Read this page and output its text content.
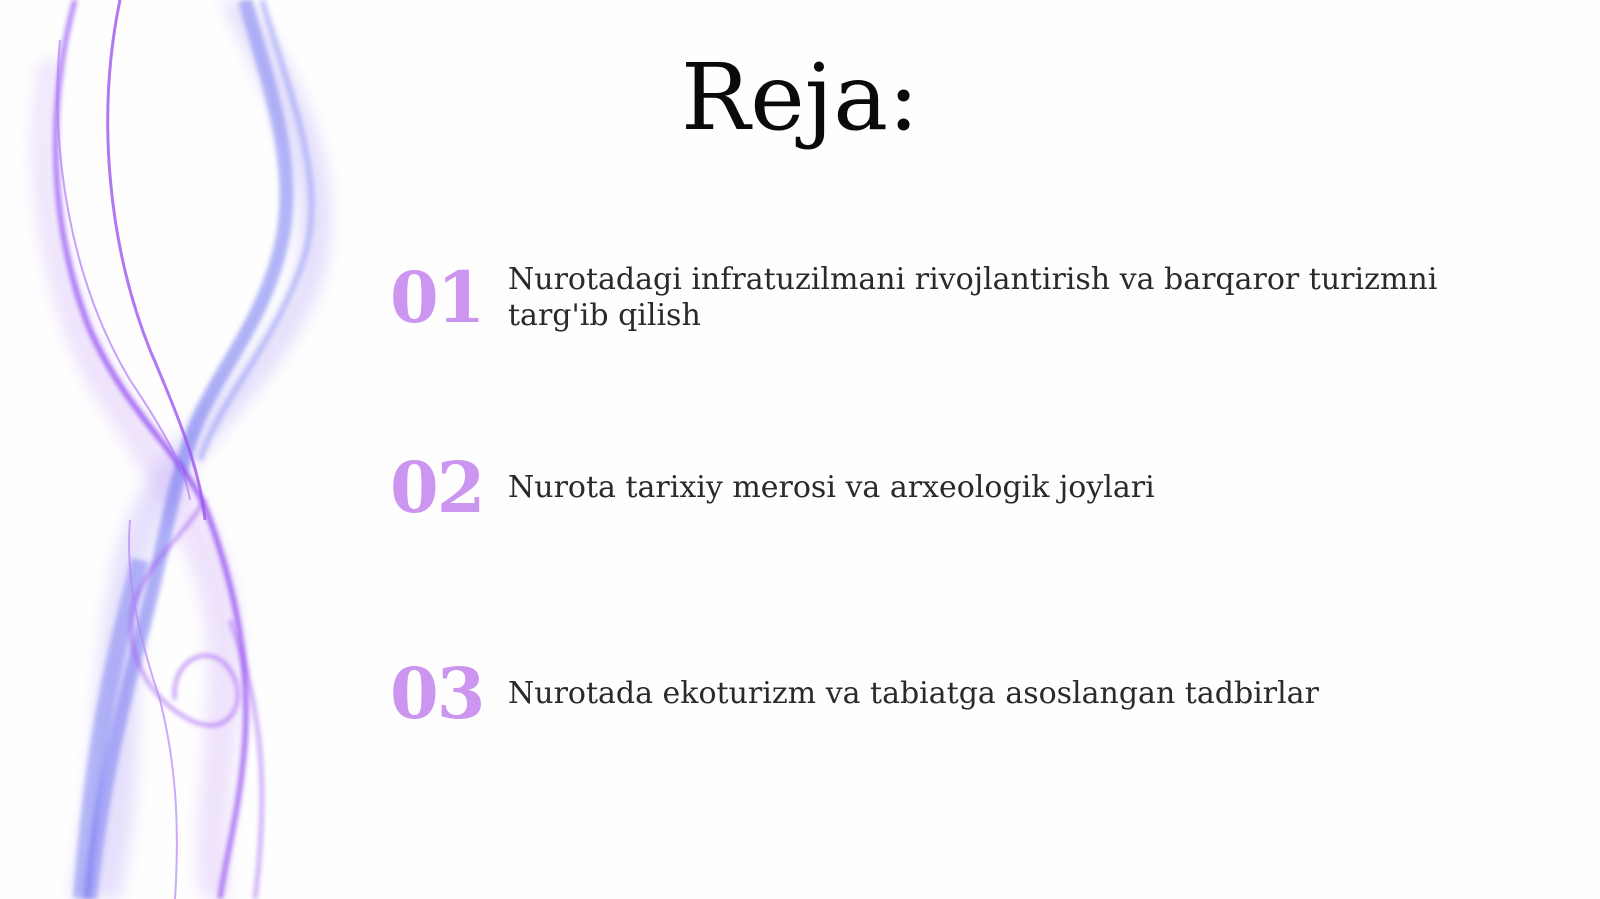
Reja:
01 Nurotadagi infratuzilmani rivojlantirish va barqaror turizmni targ'ib qilish
02 Nurota tarixiy merosi va arxeologik joylari
03 Nurotada ekoturizm va tabiatga asoslangan tadbirlar
